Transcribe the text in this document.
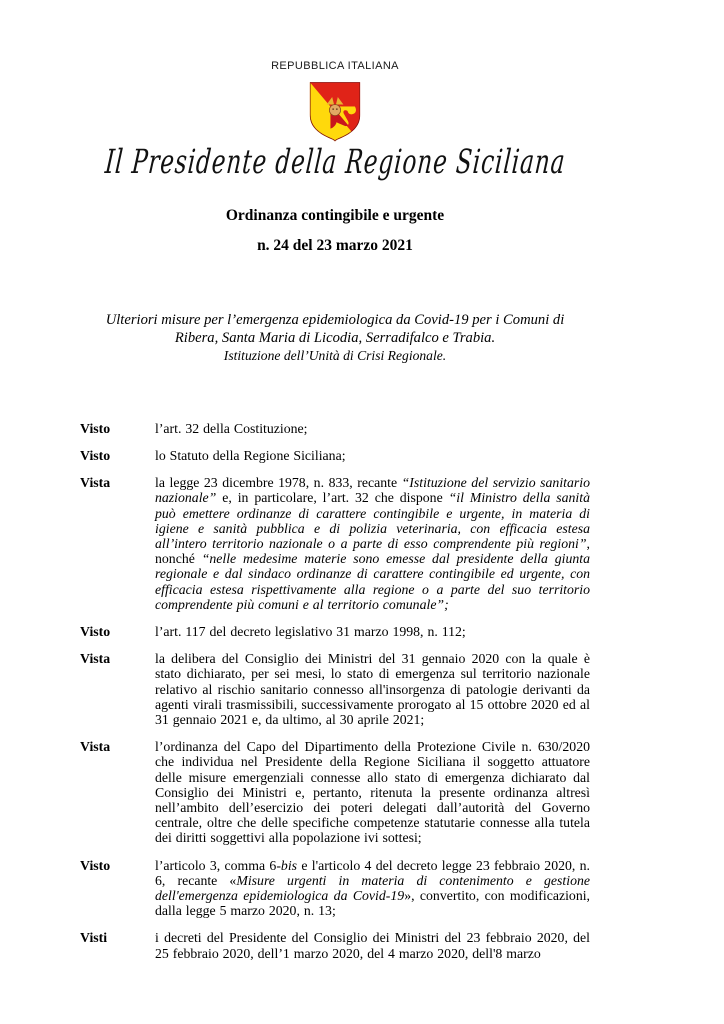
REPUBBLICA ITALIANA
Il Presidente della Regione Siciliana
Ordinanza contingibile e urgente
n. 24 del 23 marzo 2021
Ulteriori misure per l’emergenza epidemiologica da Covid-19 per i Comuni di
Ribera, Santa Maria di Licodia, Serradifalco e Trabia.
Istituzione dell’Unità di Crisi Regionale.
Visto	l’art. 32 della Costituzione;
Visto	lo Statuto della Regione Siciliana;
Vista	la legge 23 dicembre 1978, n. 833, recante “Istituzione del servizio sanitario nazionale” e, in particolare, l’art. 32 che dispone “il Ministro della sanità può emettere ordinanze di carattere contingibile e urgente, in materia di igiene e sanità pubblica e di polizia veterinaria, con efficacia estesa all’intero territorio nazionale o a parte di esso comprendente più regioni”, nonché “nelle medesime materie sono emesse dal presidente della giunta regionale e dal sindaco ordinanze di carattere contingibile ed urgente, con efficacia estesa rispettivamente alla regione o a parte del suo territorio comprendente più comuni e al territorio comunale”;
Visto	l’art. 117 del decreto legislativo 31 marzo 1998, n. 112;
Vista	la delibera del Consiglio dei Ministri del 31 gennaio 2020 con la quale è stato dichiarato, per sei mesi, lo stato di emergenza sul territorio nazionale relativo al rischio sanitario connesso all'insorgenza di patologie derivanti da agenti virali trasmissibili, successivamente prorogato al 15 ottobre 2020 ed al 31 gennaio 2021 e, da ultimo, al 30 aprile 2021;
Vista	l’ordinanza del Capo del Dipartimento della Protezione Civile n. 630/2020 che individua nel Presidente della Regione Siciliana il soggetto attuatore delle misure emergenziali connesse allo stato di emergenza dichiarato dal Consiglio dei Ministri e, pertanto, ritenuta la presente ordinanza altresì nell’ambito dell’esercizio dei poteri delegati dall’autorità del Governo centrale, oltre che delle specifiche competenze statutarie connesse alla tutela dei diritti soggettivi alla popolazione ivi sottesi;
Visto	l’articolo 3, comma 6-bis e l'articolo 4 del decreto legge 23 febbraio 2020, n. 6, recante «Misure urgenti in materia di contenimento e gestione dell'emergenza epidemiologica da Covid-19», convertito, con modificazioni, dalla legge 5 marzo 2020, n. 13;
Visti	i decreti del Presidente del Consiglio dei Ministri del 23 febbraio 2020, del 25 febbraio 2020, dell’1 marzo 2020, del 4 marzo 2020, dell'8 marzo
